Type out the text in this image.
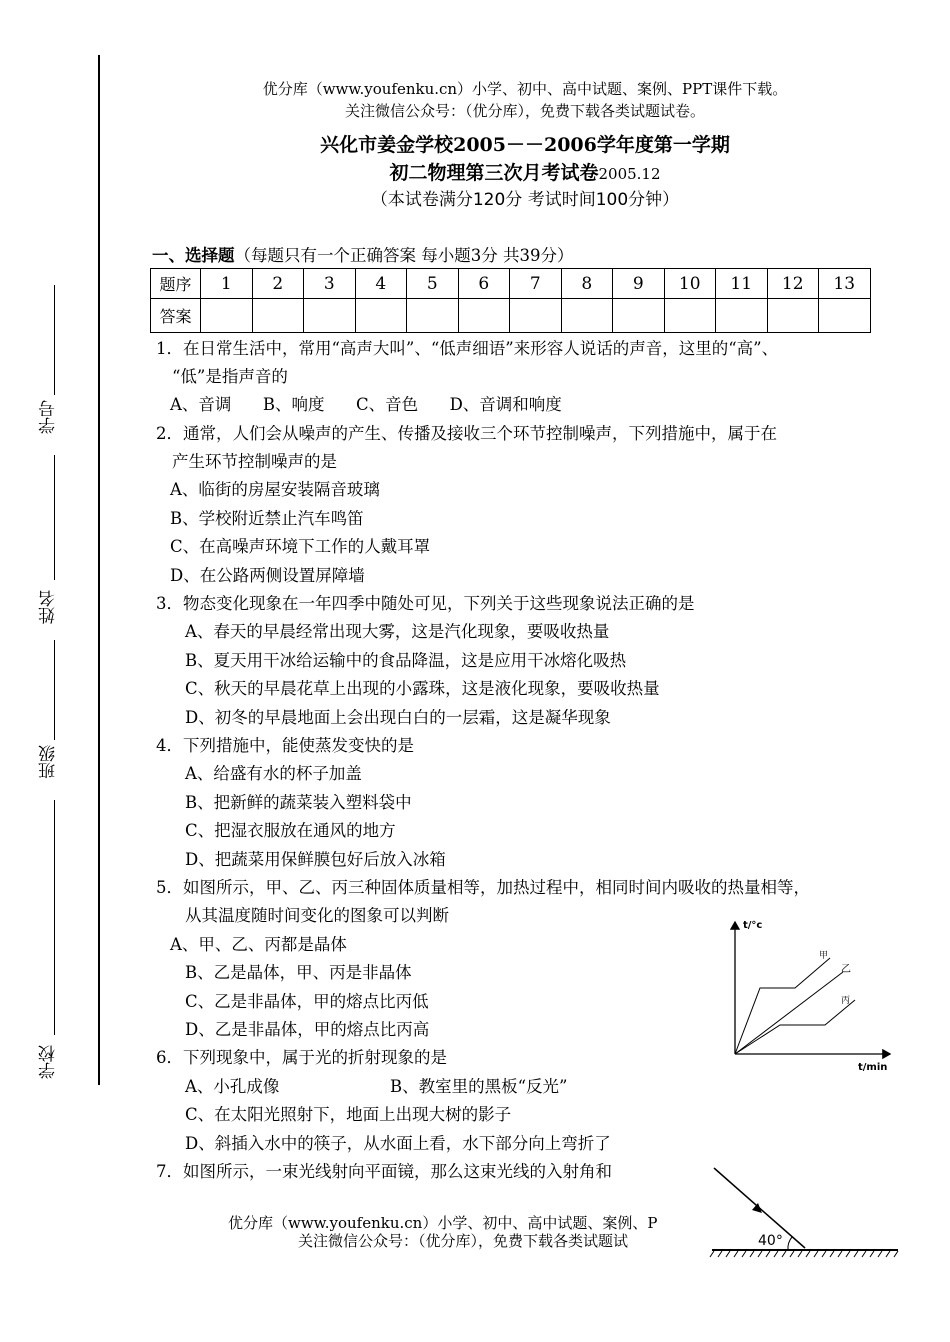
学号
姓名
班级
学校
优分库（www.youfenku.cn）小学、初中、高中试题、案例、PPT课件下载。
关注微信公众号：（优分库），免费下载各类试题试卷。
兴化市姜金学校2005－－2006学年度第一学期
初二物理第三次月考试卷2005.12
（本试卷满分120分 考试时间100分钟）
一、选择题（每题只有一个正确答案 每小题3分 共39分）
题序	1	2	3	4	5	6	7	8	9	10	11	12	13
答案													
1．在日常生活中，常用“高声大叫”、“低声细语”来形容人说话的声音，这里的“高”、
“低”是指声音的
A、音调      B、响度      C、音色      D、音调和响度
2．通常，人们会从噪声的产生、传播及接收三个环节控制噪声，下列措施中，属于在
产生环节控制噪声的是
A、临街的房屋安装隔音玻璃
B、学校附近禁止汽车鸣笛
C、在高噪声环境下工作的人戴耳罩
D、在公路两侧设置屏障墙
3．物态变化现象在一年四季中随处可见，下列关于这些现象说法正确的是
A、春天的早晨经常出现大雾，这是汽化现象，要吸收热量
B、夏天用干冰给运输中的食品降温，这是应用干冰熔化吸热
C、秋天的早晨花草上出现的小露珠，这是液化现象，要吸收热量
D、初冬的早晨地面上会出现白白的一层霜，这是凝华现象
4．下列措施中，能使蒸发变快的是
A、给盛有水的杯子加盖
B、把新鲜的蔬菜装入塑料袋中
C、把湿衣服放在通风的地方
D、把蔬菜用保鲜膜包好后放入冰箱
5．如图所示，甲、乙、丙三种固体质量相等，加热过程中，相同时间内吸收的热量相等，
从其温度随时间变化的图象可以判断
A、甲、乙、丙都是晶体
B、乙是晶体，甲、丙是非晶体
C、乙是非晶体，甲的熔点比丙低
D、乙是非晶体，甲的熔点比丙高
6．下列现象中，属于光的折射现象的是
A、小孔成像	B、教室里的黑板“反光”
C、在太阳光照射下，地面上出现大树的影子
D、斜插入水中的筷子，从水面上看，水下部分向上弯折了
7．如图所示，一束光线射向平面镜，那么这束光线的入射角和
t/°c
t/min
甲
乙
丙
优分库（www.youfenku.cn）小学、初中、高中试题、案例、P
关注微信公众号：（优分库），免费下载各类试题试	40°
